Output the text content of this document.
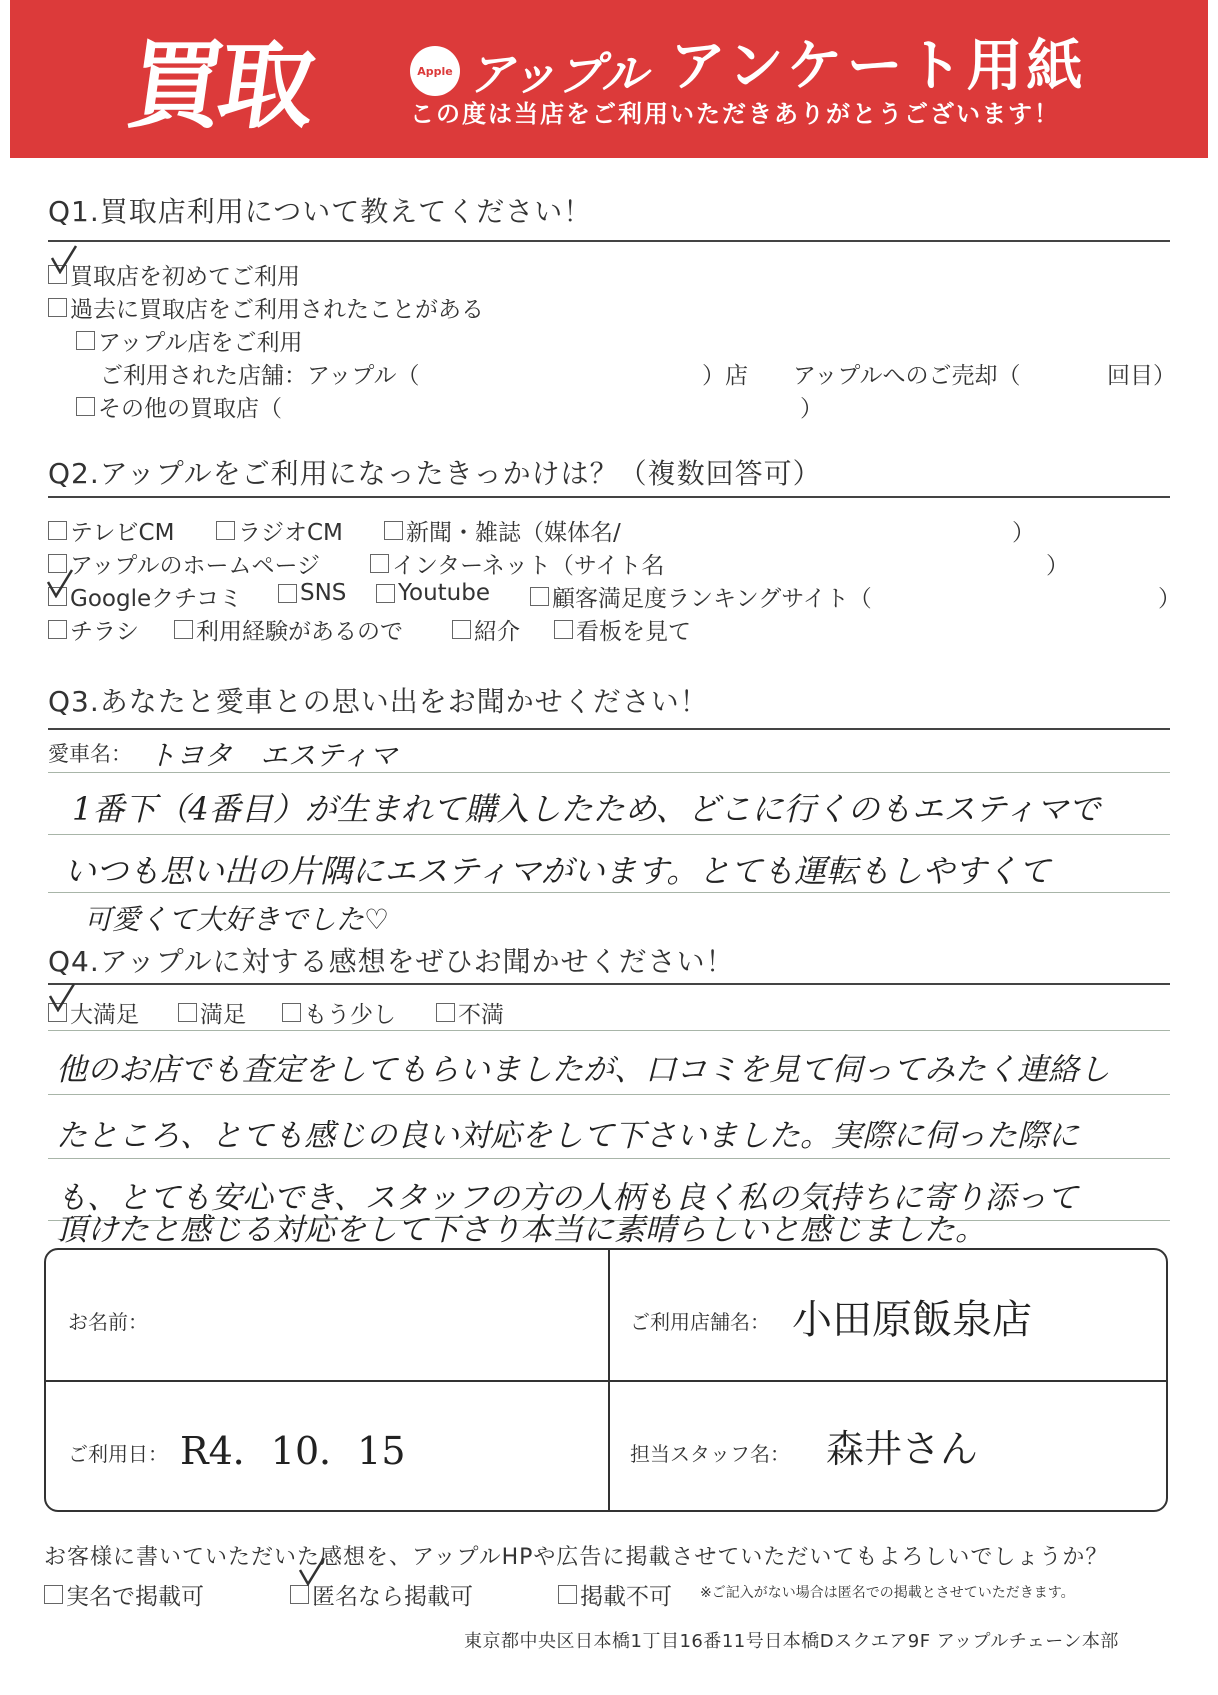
買取	Apple アップル アンケート用紙
この度は当店をご利用いただきありがとうございます！
Q1.買取店利用について教えてください！
買取店を初めてご利用
過去に買取店をご利用されたことがある
アップル店をご利用
ご利用された店舗：アップル（	）店 アップルへのご売却（	回目）
その他の買取店（	）
Q2.アップルをご利用になったきっかけは？（複数回答可）
テレビCM	ラジオCM	新聞・雑誌（媒体名/	）
アップルのホームページ	インターネット（サイト名	）
Googleクチコミ	SNS Youtube	顧客満足度ランキングサイト（	）
チラシ 利用経験があるので	紹介 看板を見て
Q3.あなたと愛車との思い出をお聞かせください！
愛車名： トヨタ　エスティマ
1番下（4番目）が生まれて購入したため、どこに行くのもエスティマで
いつも思い出の片隅にエスティマがいます。とても運転もしやすくて
可愛くて大好きでした♡
Q4.アップルに対する感想をぜひお聞かせください！
大満足	満足	もう少し	不満
他のお店でも査定をしてもらいましたが、口コミを見て伺ってみたく連絡し
たところ、とても感じの良い対応をして下さいました。実際に伺った際に
も、とても安心でき、スタッフの方の人柄も良く私の気持ちに寄り添って
頂けたと感じる対応をして下さり本当に素晴らしいと感じました。
お名前：	ご利用店舗名： 小田原飯泉店
ご利用日： R4．10．15	担当スタッフ名： 森井さん
お客様に書いていただいた感想を、アップルHPや広告に掲載させていただいてもよろしいでしょうか？
実名で掲載可	匿名なら掲載可	掲載不可 ※ご記入がない場合は匿名での掲載とさせていただきます。
東京都中央区日本橋1丁目16番11号日本橋Dスクエア9F アップルチェーン本部
